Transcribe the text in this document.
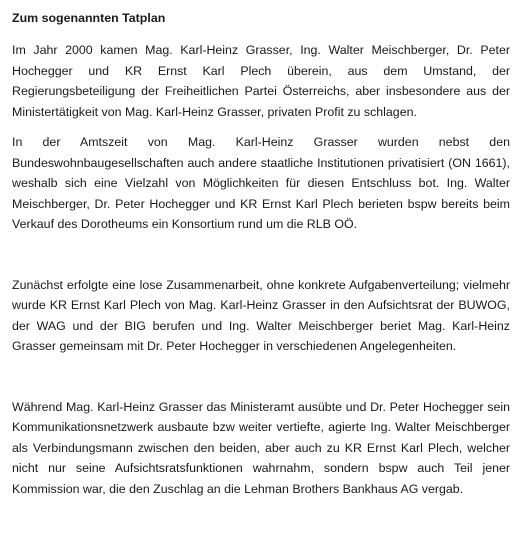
Zum sogenannten Tatplan

Im Jahr 2000 kamen Mag. Karl-Heinz Grasser, Ing. Walter Meischberger, Dr. Peter Hochegger und KR Ernst Karl Plech überein, aus dem Umstand, der Regierungsbeteiligung der Freiheitlichen Partei Österreichs, aber insbesondere aus der Ministertätigkeit von Mag. Karl-Heinz Grasser, privaten Profit zu schlagen.

In der Amtszeit von Mag. Karl-Heinz Grasser wurden nebst den Bundeswohnbaugesellschaften auch andere staatliche Institutionen privatisiert (ON 1661), weshalb sich eine Vielzahl von Möglichkeiten für diesen Entschluss bot. Ing. Walter Meischberger, Dr. Peter Hochegger und KR Ernst Karl Plech berieten bspw bereits beim Verkauf des Dorotheums ein Konsortium rund um die RLB OÖ.

Zunächst erfolgte eine lose Zusammenarbeit, ohne konkrete Aufgabenverteilung; vielmehr wurde KR Ernst Karl Plech von Mag. Karl-Heinz Grasser in den Aufsichtsrat der BUWOG, der WAG und der BIG berufen und Ing. Walter Meischberger beriet Mag. Karl-Heinz Grasser gemeinsam mit Dr. Peter Hochegger in verschiedenen Angelegenheiten.

Während Mag. Karl-Heinz Grasser das Ministeramt ausübte und Dr. Peter Hochegger sein Kommunikationsnetzwerk ausbaute bzw weiter vertiefte, agierte Ing. Walter Meischberger als Verbindungsmann zwischen den beiden, aber auch zu KR Ernst Karl Plech, welcher nicht nur seine Aufsichtsratsfunktionen wahrnahm, sondern bspw auch Teil jener Kommission war, die den Zuschlag an die Lehman Brothers Bankhaus AG vergab.
